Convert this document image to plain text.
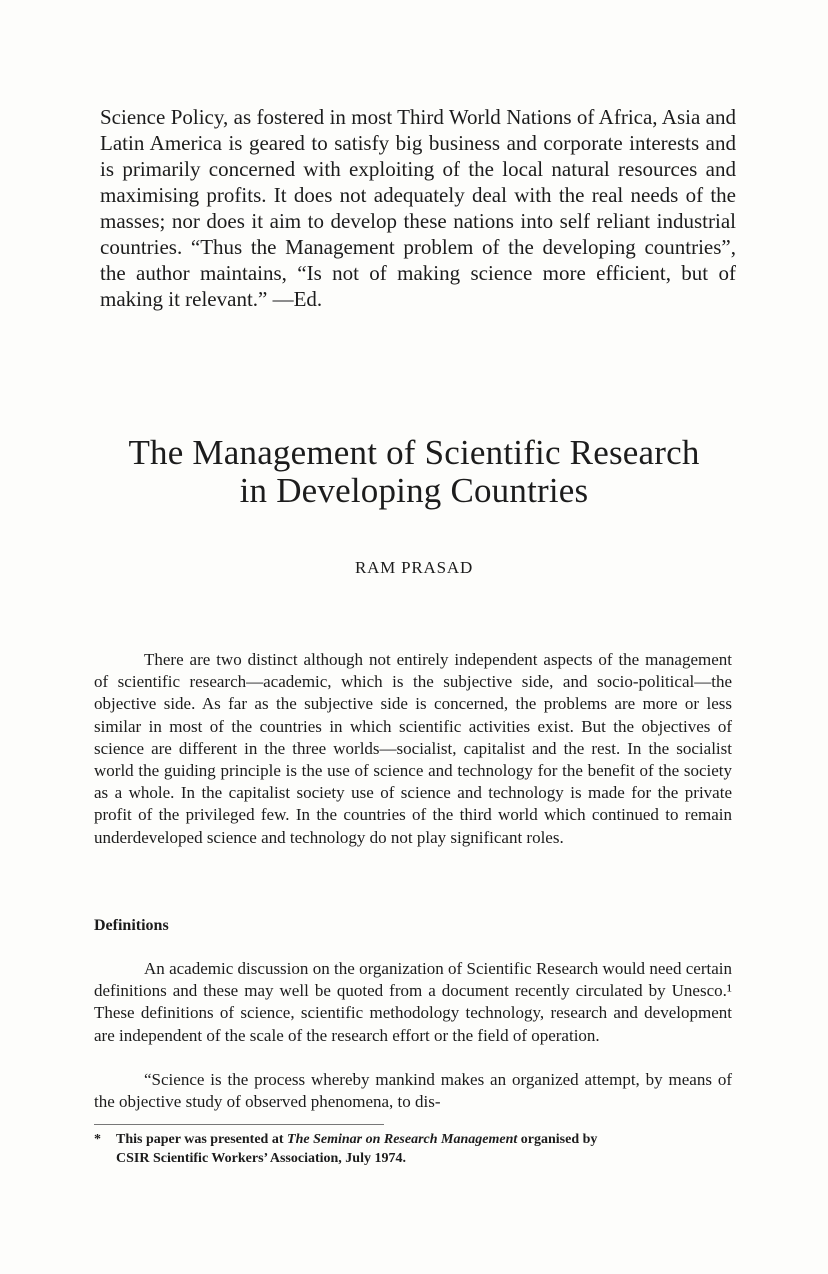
Science Policy, as fostered in most Third World Nations of Africa, Asia and Latin America is geared to satisfy big business and corporate interests and is primarily concerned with exploiting of the local natural resources and maximising profits. It does not adequately deal with the real needs of the masses; nor does it aim to develop these nations into self reliant industrial countries. “Thus the Management problem of the developing countries”, the author maintains, “Is not of making science more efficient, but of making it relevant.” —Ed.

The Management of Scientific Research
in Developing Countries
RAM PRASAD

There are two distinct although not entirely independent aspects of the management of scientific research—academic, which is the subjective side, and socio-political—the objective side. As far as the subjective side is concerned, the problems are more or less similar in most of the countries in which scientific activities exist. But the objectives of science are different in the three worlds—socialist, capitalist and the rest. In the socialist world the guiding principle is the use of science and technology for the benefit of the society as a whole. In the capitalist society use of science and technology is made for the private profit of the privileged few. In the countries of the third world which continued to remain underdeveloped science and technology do not play significant roles.

Definitions

An academic discussion on the organization of Scientific Research would need certain definitions and these may well be quoted from a document recently circulated by Unesco.¹ These definitions of science, scientific methodology technology, research and development are independent of the scale of the research effort or the field of operation.

“Science is the process whereby mankind makes an organized attempt, by means of the objective study of observed phenomena, to dis-

* This paper was presented at The Seminar on Research Management organised by
CSIR Scientific Workers’ Association, July 1974.
